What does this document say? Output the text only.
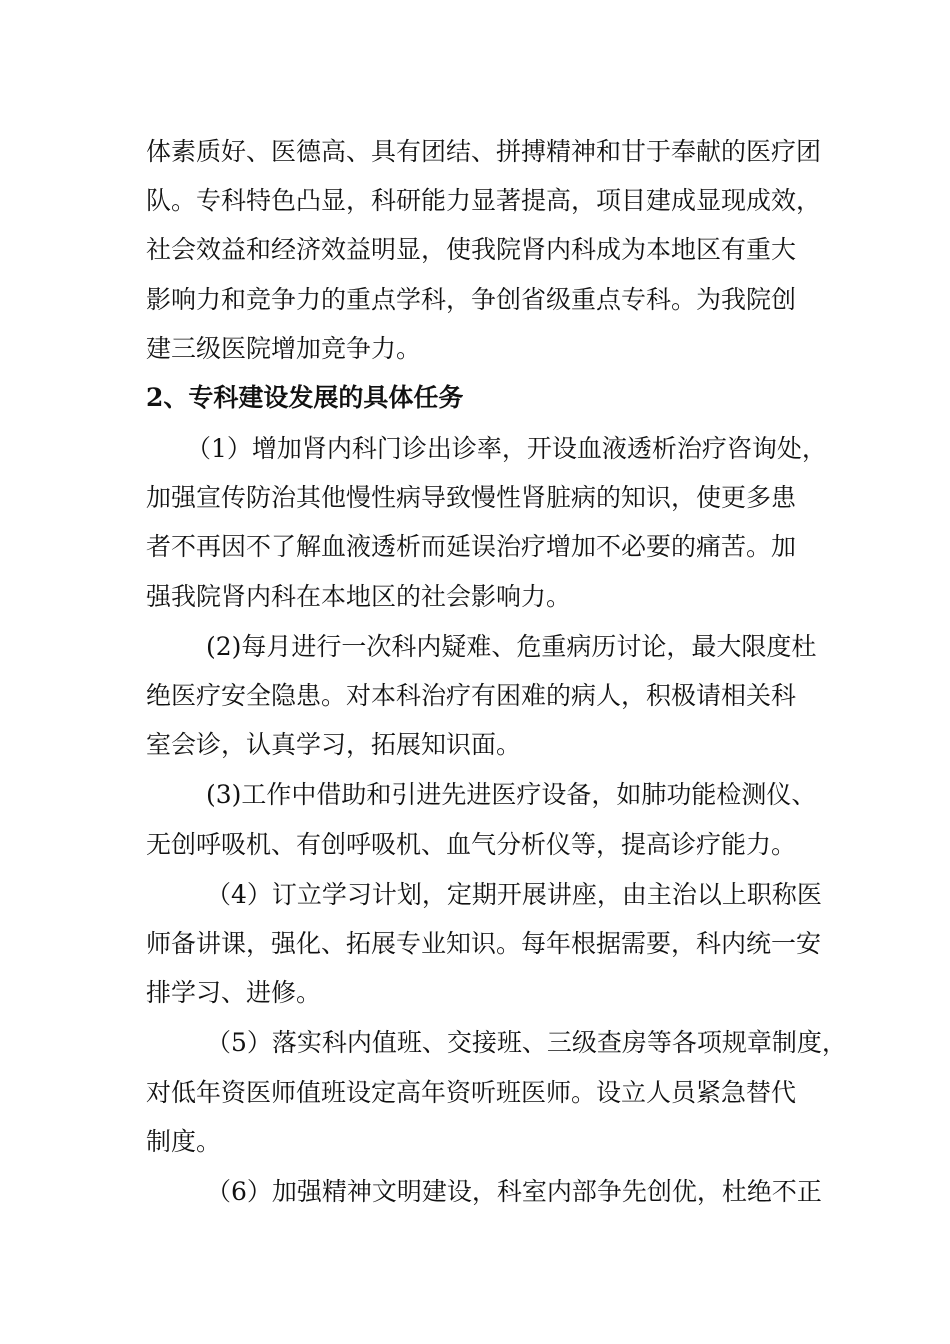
体素质好、医德高、具有团结、拼搏精神和甘于奉献的医疗团
队。专科特色凸显，科研能力显著提高，项目建成显现成效，
社会效益和经济效益明显，使我院肾内科成为本地区有重大
影响力和竞争力的重点学科，争创省级重点专科。为我院创
建三级医院增加竞争力。
2、专科建设发展的具体任务
（1）增加肾内科门诊出诊率，开设血液透析治疗咨询处，
加强宣传防治其他慢性病导致慢性肾脏病的知识，使更多患
者不再因不了解血液透析而延误治疗增加不必要的痛苦。加
强我院肾内科在本地区的社会影响力。
(2)每月进行一次科内疑难、危重病历讨论，最大限度杜
绝医疗安全隐患。对本科治疗有困难的病人，积极请相关科
室会诊，认真学习，拓展知识面。
(3)工作中借助和引进先进医疗设备，如肺功能检测仪、
无创呼吸机、有创呼吸机、血气分析仪等，提高诊疗能力。
（4）订立学习计划，定期开展讲座，由主治以上职称医
师备讲课，强化、拓展专业知识。每年根据需要，科内统一安
排学习、进修。
（5）落实科内值班、交接班、三级查房等各项规章制度，
对低年资医师值班设定高年资听班医师。设立人员紧急替代
制度。
（6）加强精神文明建设，科室内部争先创优，杜绝不正
